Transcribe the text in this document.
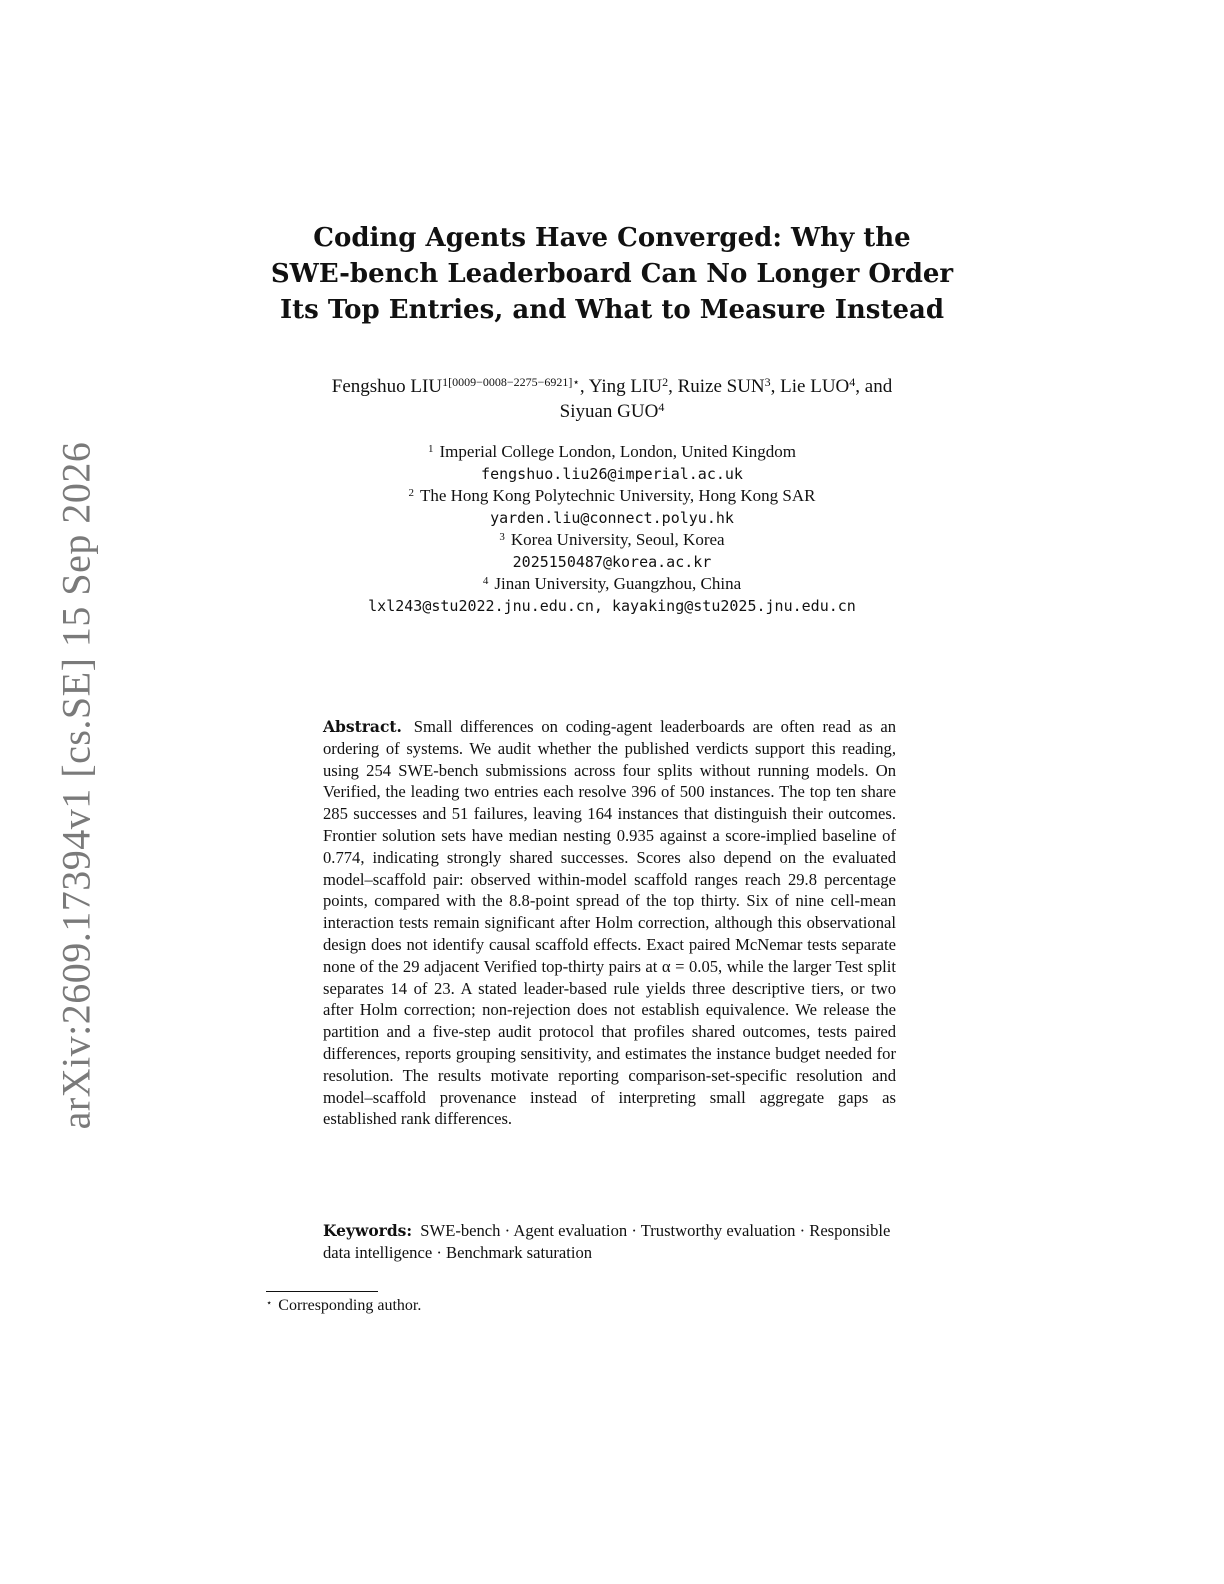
arXiv:2609.17394v1 [cs.SE] 15 Sep 2026
Coding Agents Have Converged: Why the
SWE-bench Leaderboard Can No Longer Order
Its Top Entries, and What to Measure Instead
Fengshuo $LIU^{1[0009-0008-2275-6921]⋆}$, Ying LIU$^2$, Ruize SUN$^3$, Lie LUO$^4$, and
Siyuan GUO$^4$
$^1$ Imperial College London, London, United Kingdom
fengshuo.liu26@imperial.ac.uk
$^2$ The Hong Kong Polytechnic University, Hong Kong SAR
yarden.liu@connect.polyu.hk
$^3$ Korea University, Seoul, Korea
2025150487@korea.ac.kr
$^4$ Jinan University, Guangzhou, China
lxl243@stu2022.jnu.edu.cn, kayaking@stu2025.jnu.edu.cn
Abstract. Small differences on coding-agent leaderboards are often read as an ordering of systems. We audit whether the published verdicts support this reading, using 254 SWE-bench submissions across four splits without running models. On Verified, the leading two entries each resolve 396 of 500 instances. The top ten share 285 successes and 51 failures, leaving 164 instances that distinguish their outcomes. Frontier solution sets have median nesting 0.935 against a score-implied baseline of 0.774, indicating strongly shared successes. Scores also depend on the evaluated model–scaffold pair: observed within-model scaffold ranges reach 29.8 percentage points, compared with the 8.8-point spread of the top thirty. Six of nine cell-mean interaction tests remain significant after Holm correction, although this observational design does not identify causal scaffold effects. Exact paired McNemar tests separate none of the 29 adjacent Verified top-thirty pairs at α = 0.05, while the larger Test split separates 14 of 23. A stated leader-based rule yields three descriptive tiers, or two after Holm correction; non-rejection does not establish equivalence. We release the partition and a five-step audit protocol that profiles shared outcomes, tests paired differences, reports grouping sensitivity, and estimates the instance budget needed for resolution. The results motivate reporting comparison-set-specific resolution and model–scaffold provenance instead of interpreting small aggregate gaps as established rank differences.
Keywords: SWE-bench · Agent evaluation · Trustworthy evaluation · Responsible data intelligence · Benchmark saturation
⋆ Corresponding author.
